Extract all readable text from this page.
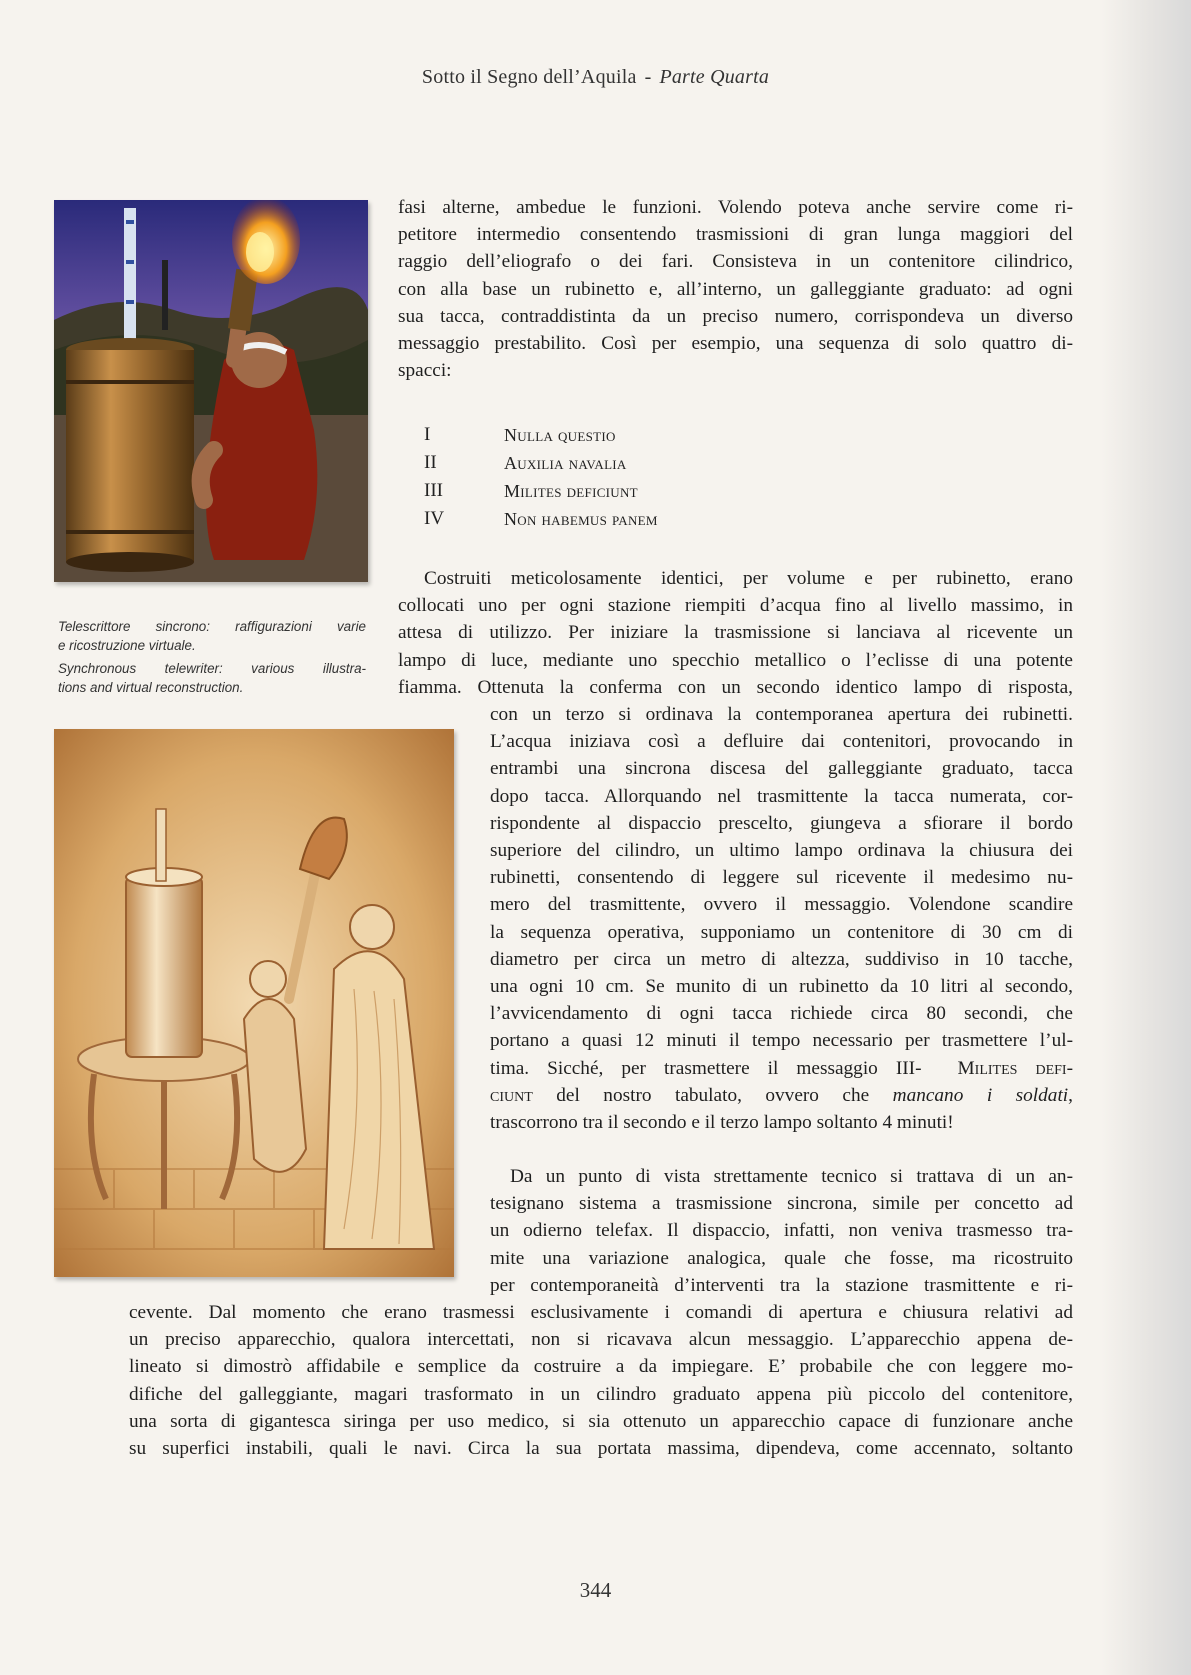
Sotto il Segno dell’Aquila - Parte Quarta

Telescrittore sincrono: raffigurazioni varie
e ricostruzione virtuale.
Synchronous telewriter: various illustra-
tions and virtual reconstruction.

fasi alterne, ambedue le funzioni. Volendo poteva anche servire come ri-
petitore intermedio consentendo trasmissioni di gran lunga maggiori del
raggio dell’eliografo o dei fari. Consisteva in un contenitore cilindrico,
con alla base un rubinetto e, all’interno, un galleggiante graduato: ad ogni
sua tacca, contraddistinta da un preciso numero, corrispondeva un diverso
messaggio prestabilito. Così per esempio, una sequenza di solo quattro di-
spacci:

I	Nulla questio
II	Auxilia navalia
III	Milites deficiunt
IV	Non habemus panem

Costruiti meticolosamente identici, per volume e per rubinetto, erano
collocati uno per ogni stazione riempiti d’acqua fino al livello massimo, in
attesa di utilizzo. Per iniziare la trasmissione si lanciava al ricevente un
lampo di luce, mediante uno specchio metallico o l’eclisse di una potente
fiamma. Ottenuta la conferma con un secondo identico lampo di risposta,

con un terzo si ordinava la contemporanea apertura dei rubinetti.
L’acqua iniziava così a defluire dai contenitori, provocando in
entrambi una sincrona discesa del galleggiante graduato, tacca
dopo tacca. Allorquando nel trasmittente la tacca numerata, cor-
rispondente al dispaccio prescelto, giungeva a sfiorare il bordo
superiore del cilindro, un ultimo lampo ordinava la chiusura dei
rubinetti, consentendo di leggere sul ricevente il medesimo nu-
mero del trasmittente, ovvero il messaggio. Volendone scandire
la sequenza operativa, supponiamo un contenitore di 30 cm di
diametro per circa un metro di altezza, suddiviso in 10 tacche,
una ogni 10 cm. Se munito di un rubinetto da 10 litri al secondo,
l’avvicendamento di ogni tacca richiede circa 80 secondi, che
portano a quasi 12 minuti il tempo necessario per trasmettere l’ul-
tima. Sicché, per trasmettere il messaggio III- Milites defi-
ciunt del nostro tabulato, ovvero che mancano i soldati,
trascorrono tra il secondo e il terzo lampo soltanto 4 minuti!

Da un punto di vista strettamente tecnico si trattava di un an-
tesignano sistema a trasmissione sincrona, simile per concetto ad
un odierno telefax. Il dispaccio, infatti, non veniva trasmesso tra-
mite una variazione analogica, quale che fosse, ma ricostruito
per contemporaneità d’interventi tra la stazione trasmittente e ri-

cevente. Dal momento che erano trasmessi esclusivamente i comandi di apertura e chiusura relativi ad
un preciso apparecchio, qualora intercettati, non si ricavava alcun messaggio. L’apparecchio appena de-
lineato si dimostrò affidabile e semplice da costruire a da impiegare. E’ probabile che con leggere mo-
difiche del galleggiante, magari trasformato in un cilindro graduato appena più piccolo del contenitore,
una sorta di gigantesca siringa per uso medico, si sia ottenuto un apparecchio capace di funzionare anche
su superfici instabili, quali le navi. Circa la sua portata massima, dipendeva, come accennato, soltanto

344
